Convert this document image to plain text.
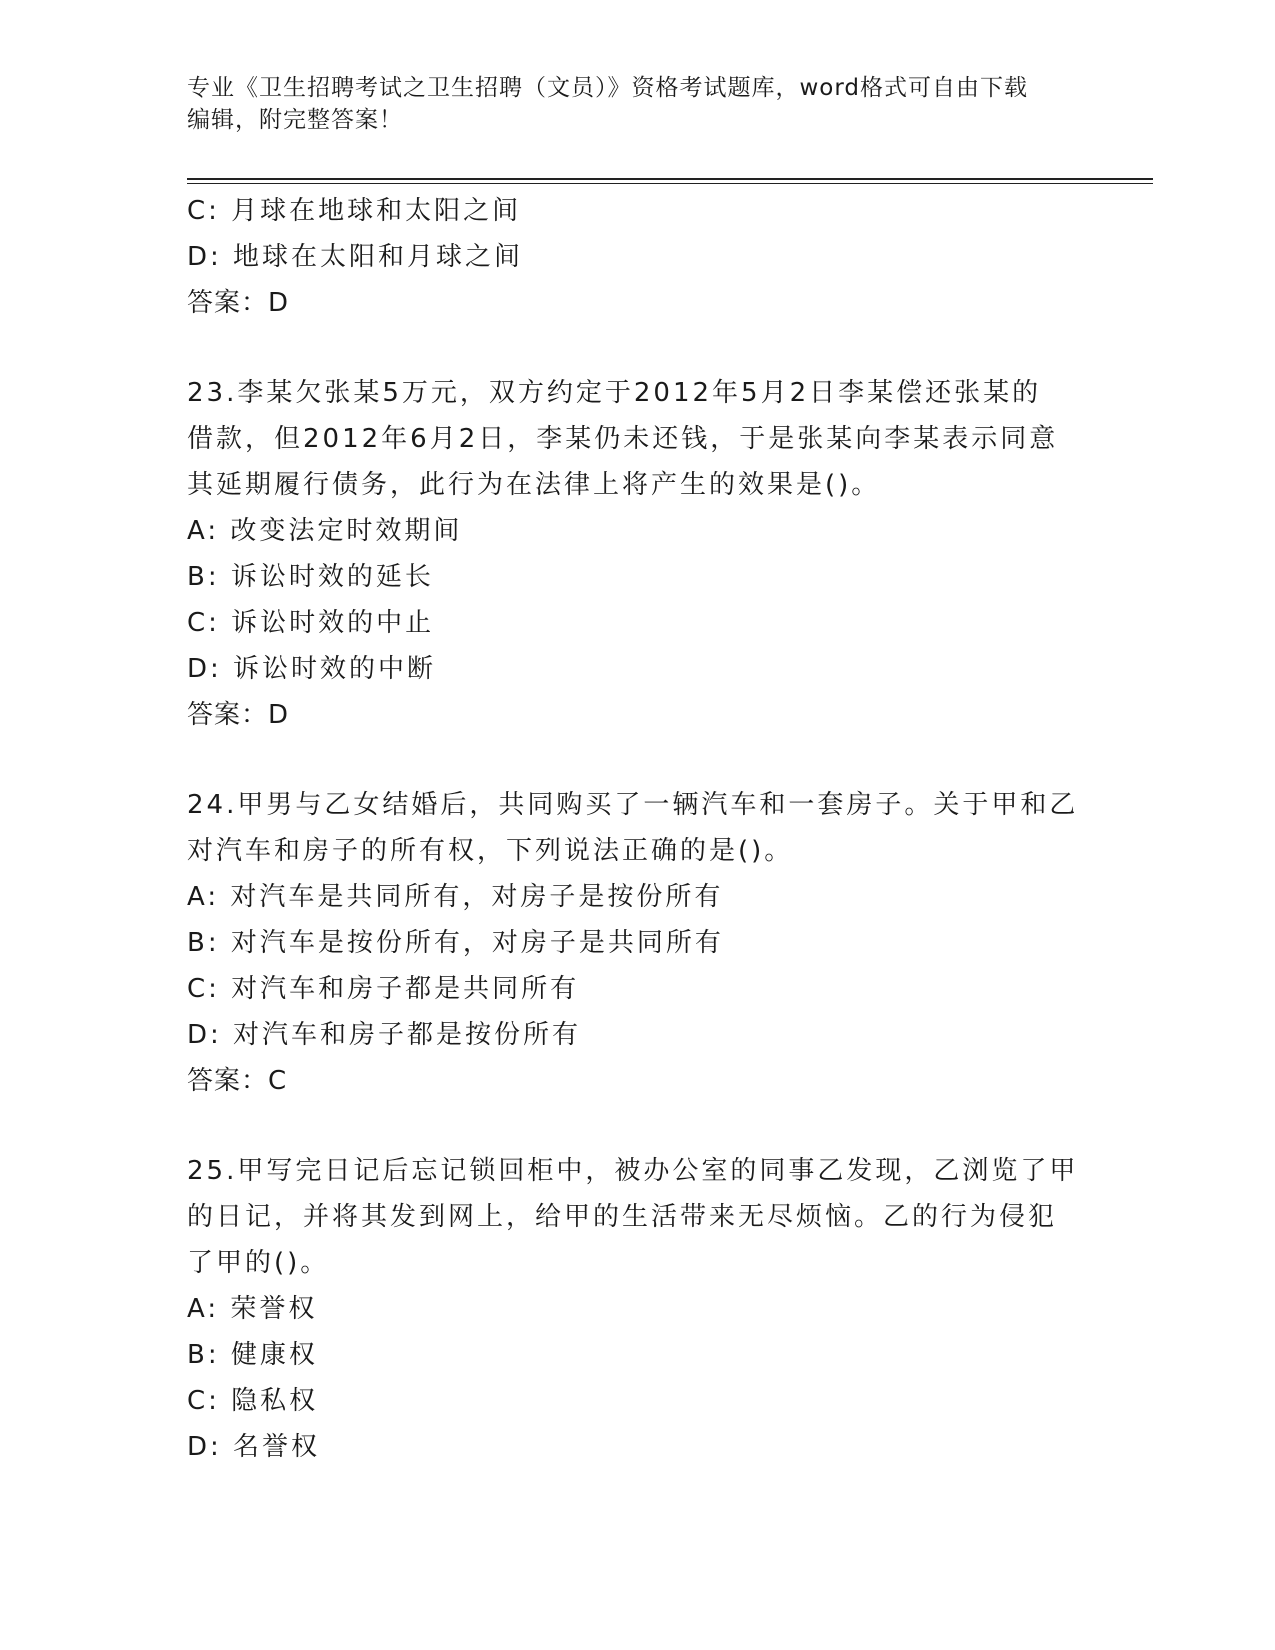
专业《卫生招聘考试之卫生招聘（文员）》资格考试题库，word格式可自由下载
编辑，附完整答案！
C: 月球在地球和太阳之间
D: 地球在太阳和月球之间
答案：D
23.李某欠张某5万元，双方约定于2012年5月2日李某偿还张某的
借款，但2012年6月2日，李某仍未还钱，于是张某向李某表示同意
其延期履行债务，此行为在法律上将产生的效果是()。
A: 改变法定时效期间
B: 诉讼时效的延长
C: 诉讼时效的中止
D: 诉讼时效的中断
答案：D
24.甲男与乙女结婚后，共同购买了一辆汽车和一套房子。关于甲和乙
对汽车和房子的所有权，下列说法正确的是()。
A: 对汽车是共同所有，对房子是按份所有
B: 对汽车是按份所有，对房子是共同所有
C: 对汽车和房子都是共同所有
D: 对汽车和房子都是按份所有
答案：C
25.甲写完日记后忘记锁回柜中，被办公室的同事乙发现，乙浏览了甲
的日记，并将其发到网上，给甲的生活带来无尽烦恼。乙的行为侵犯
了甲的()。
A: 荣誉权
B: 健康权
C: 隐私权
D: 名誉权
